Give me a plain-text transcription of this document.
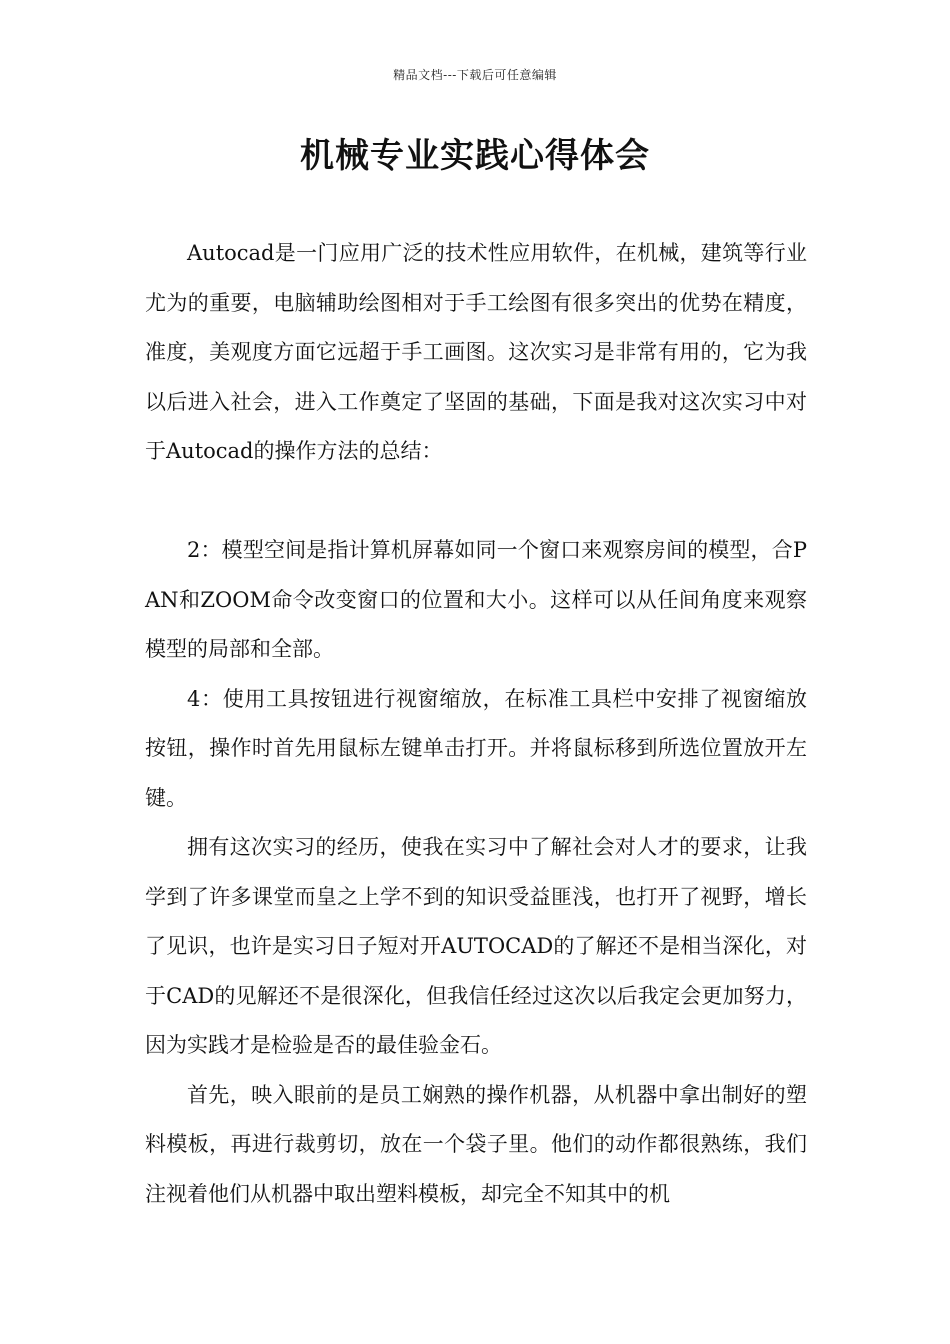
精品文档---下载后可任意编辑
机械专业实践心得体会

Autocad是一门应用广泛的技术性应用软件，在机械，建筑等行业尤为的重要，电脑辅助绘图相对于手工绘图有很多突出的优势在精度，准度，美观度方面它远超于手工画图。这次实习是非常有用的，它为我以后进入社会，进入工作奠定了坚固的基础，下面是我对这次实习中对于Autocad的操作方法的总结：

2：模型空间是指计算机屏幕如同一个窗口来观察房间的模型，合PAN和ZOOM命令改变窗口的位置和大小。这样可以从任间角度来观察模型的局部和全部。

4：使用工具按钮进行视窗缩放，在标准工具栏中安排了视窗缩放按钮，操作时首先用鼠标左键单击打开。并将鼠标移到所选位置放开左键。

拥有这次实习的经历，使我在实习中了解社会对人才的要求，让我学到了许多课堂而皇之上学不到的知识受益匪浅，也打开了视野，增长了见识，也许是实习日子短对开AUTOCAD的了解还不是相当深化，对于CAD的见解还不是很深化，但我信任经过这次以后我定会更加努力，因为实践才是检验是否的最佳验金石。

首先，映入眼前的是员工娴熟的操作机器，从机器中拿出制好的塑料模板，再进行裁剪切，放在一个袋子里。他们的动作都很熟练，我们注视着他们从机器中取出塑料模板，却完全不知其中的机
